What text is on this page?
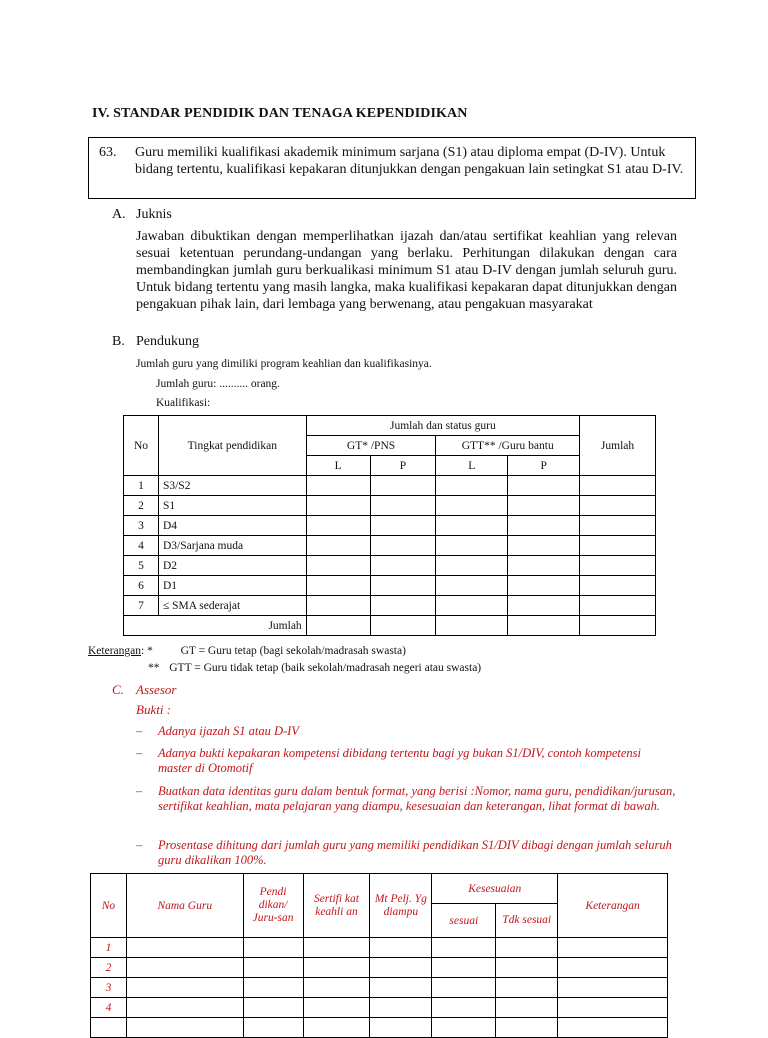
IV. STANDAR PENDIDIK DAN TENAGA KEPENDIDIKAN
63. Guru memiliki kualifikasi akademik minimum sarjana (S1) atau diploma empat (D-IV). Untuk bidang tertentu, kualifikasi kepakaran ditunjukkan dengan pengakuan lain setingkat S1 atau D-IV.
A. Juknis
Jawaban dibuktikan dengan memperlihatkan ijazah dan/atau sertifikat keahlian yang relevan sesuai ketentuan perundang-undangan yang berlaku. Perhitungan dilakukan dengan cara membandingkan jumlah guru berkualikasi minimum S1 atau D-IV dengan jumlah seluruh guru. Untuk bidang tertentu yang masih langka, maka kualifikasi kepakaran dapat ditunjukkan dengan pengakuan pihak lain, dari lembaga yang berwenang, atau pengakuan masyarakat
B. Pendukung
Jumlah guru yang dimiliki program keahlian dan kualifikasinya.
Jumlah guru: .......... orang.
Kualifikasi:
No	Tingkat pendidikan	Jumlah dan status guru				Jumlah
		GT* /PNS		GTT** /Guru bantu		
		L	P	L	P	
1	S3/S2					
2	S1					
3	D4					
4	D3/Sarjana muda					
5	D2					
6	D1					
7	≤ SMA sederajat					
Jumlah						
Keterangan: * GT = Guru tetap (bagi sekolah/madrasah swasta)
** GTT = Guru tidak tetap (baik sekolah/madrasah negeri atau swasta)
C. Assesor
Bukti :
– Adanya ijazah S1 atau D-IV
– Adanya bukti kepakaran kompetensi dibidang tertentu bagi yg bukan S1/DIV, contoh kompetensi master di Otomotif
– Buatkan data identitas guru dalam bentuk format, yang berisi :Nomor, nama guru, pendidikan/jurusan, sertifikat keahlian, mata pelajaran yang diampu, kesesuaian dan keterangan, lihat format di bawah.
– Prosentase dihitung dari jumlah guru yang memiliki pendidikan S1/DIV dibagi dengan jumlah seluruh guru dikalikan 100%.
No	Nama Guru	Pendi dikan/ Juru-san	Sertifi kat keahli an	Mt Pelj. Yg diampu	Kesesuaian		Keterangan
					sesuai	Tdk sesuai	
1							
2							
3							
4							
